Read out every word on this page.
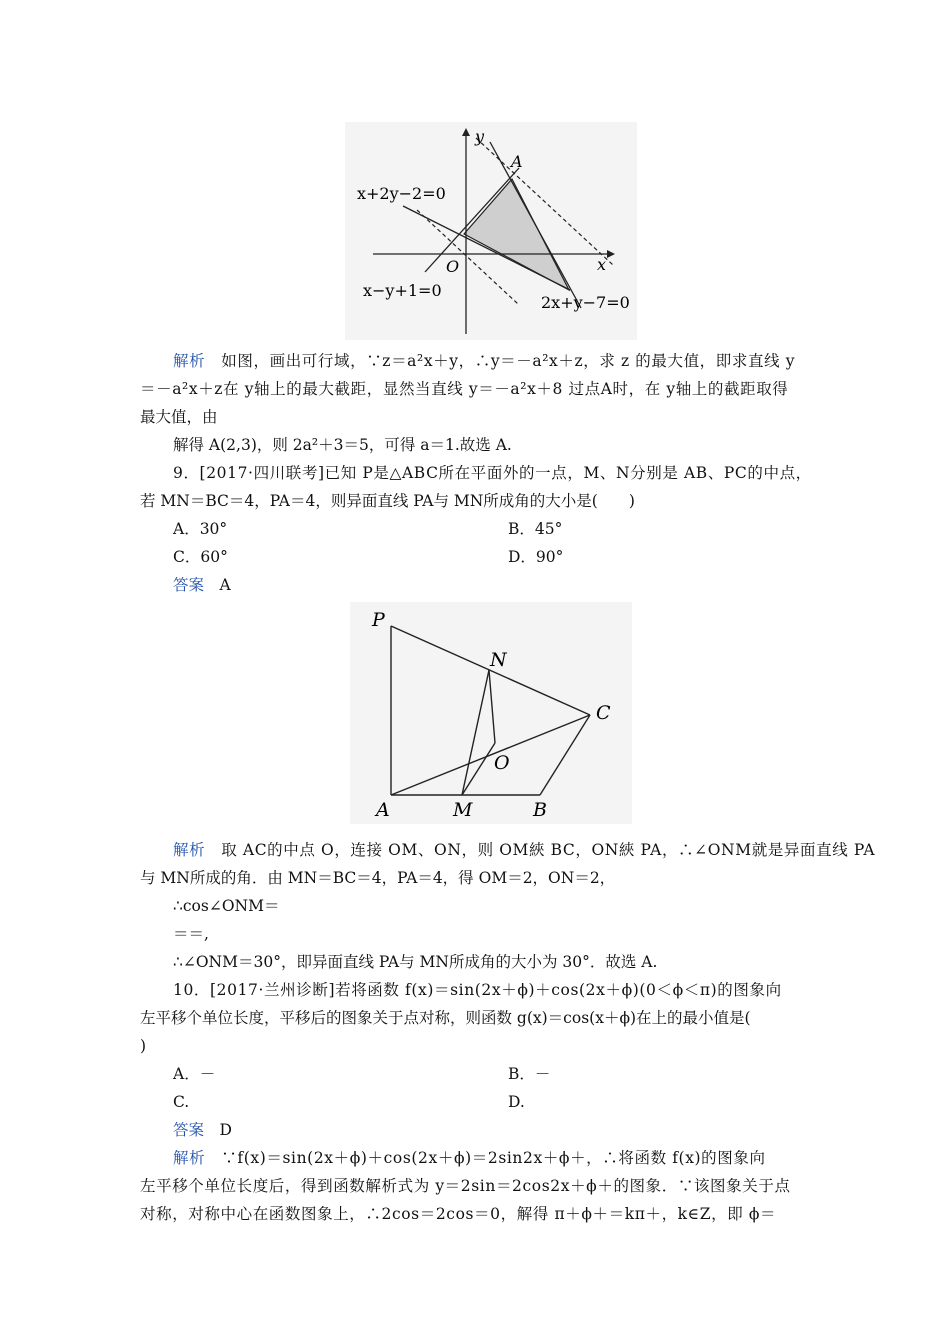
y
x
O
A
x+2y−2=0
x−y+1=0
2x+y−7=0
解析　如图，画出可行域，∵z＝a²x＋y，∴y＝－a²x＋z，求 z 的最大值，即求直线 y
＝－a²x＋z在 y轴上的最大截距，显然当直线 y＝－a²x＋8 过点A时，在 y轴上的截距取得
最大值，由
解得 A(2,3)，则 2a²＋3＝5，可得 a＝1.故选 A.
9．[2017·四川联考]已知 P是△ABC所在平面外的一点，M、N分别是 AB、PC的中点，
若 MN＝BC＝4，PA＝4，则异面直线 PA与 MN所成角的大小是(　　)
A．30°	B．45°
C．60°	D．90°
答案　A
P
N
C
O
A	M	B
解析　取 AC的中点 O，连接 OM、ON，则 OM綊 BC，ON綊 PA，∴∠ONM就是异面直线 PA
与 MN所成的角．由 MN＝BC＝4，PA＝4，得 OM＝2，ON＝2，
∴cos∠ONM＝
＝＝,
∴∠ONM＝30°，即异面直线 PA与 MN所成角的大小为 30°．故选 A.
10．[2017·兰州诊断]若将函数 f(x)＝sin(2x＋ϕ)＋cos(2x＋ϕ)(0＜ϕ＜π)的图象向
左平移个单位长度，平移后的图象关于点对称，则函数 g(x)＝cos(x＋ϕ)在上的最小值是(
)
A．－	B．－
C.	D.
答案　D
解析　∵f(x)＝sin(2x＋ϕ)＋cos(2x＋ϕ)＝2sin2x＋ϕ＋，∴将函数 f(x)的图象向
左平移个单位长度后，得到函数解析式为 y＝2sin＝2cos2x＋ϕ＋的图象．∵该图象关于点
对称，对称中心在函数图象上，∴2cos＝2cos＝0，解得 π＋ϕ＋＝kπ＋，k∈Z，即 ϕ＝
